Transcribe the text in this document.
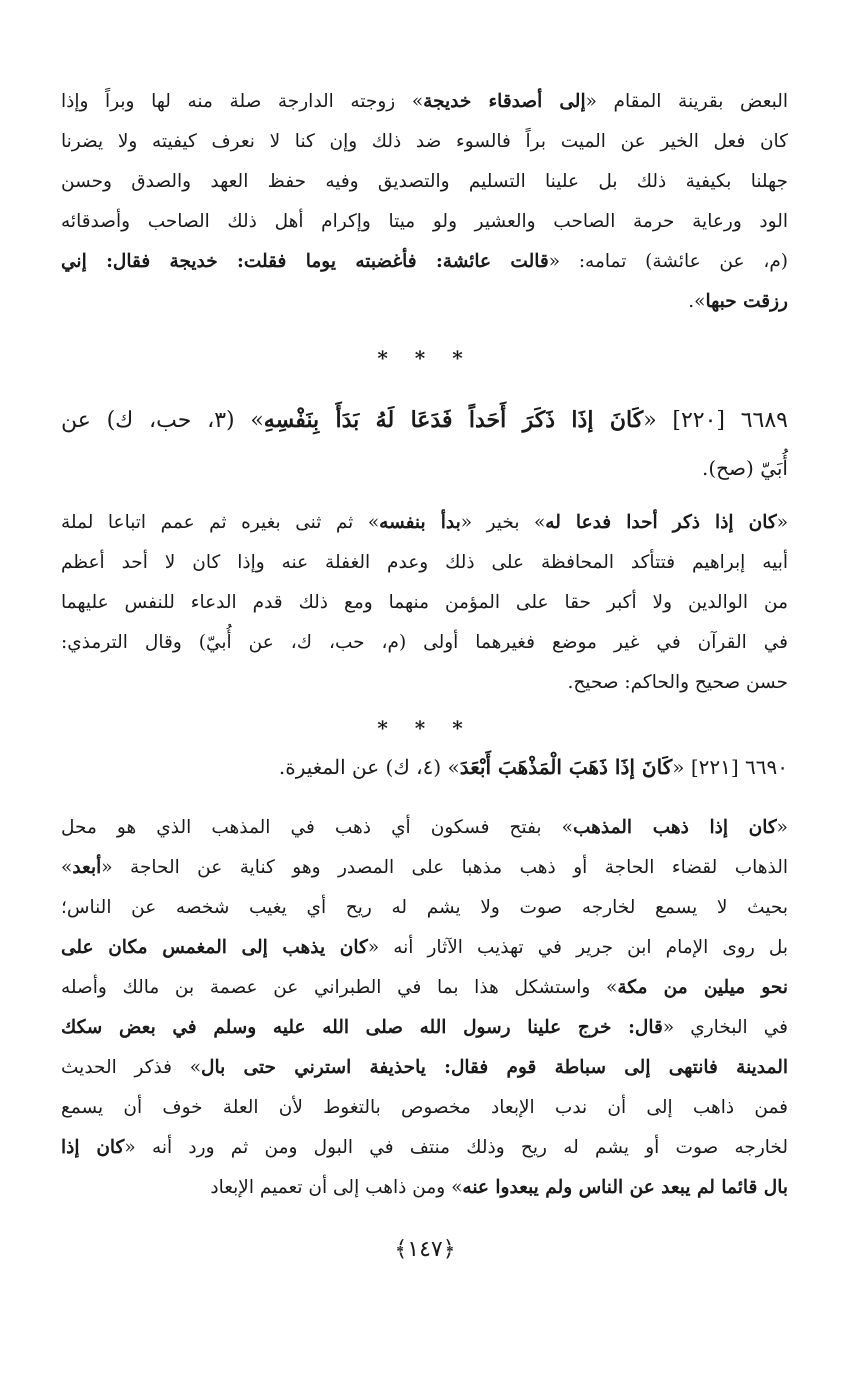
البعض بقرينة المقام «إلى أصدقاء خديجة» زوجته الدارجة صلة منه لها وبراً وإذا
كان فعل الخير عن الميت براً فالسوء ضد ذلك وإن كنا لا نعرف كيفيته ولا يضرنا
جهلنا بكيفية ذلك بل علينا التسليم والتصديق وفيه حفظ العهد والصدق وحسن
الود ورعاية حرمة الصاحب والعشير ولو ميتا وإكرام أهل ذلك الصاحب وأصدقائه
(م، عن عائشة) تمامه: «قالت عائشة: فأغضبته يوما فقلت: خديجة فقال: إني
رزقت حبها».
* * *
٦٦٨٩ [٢٢٠] «كَانَ إذَا ذَكَرَ أَحَداً فَدَعَا لَهُ بَدَأَ بِنَفْسِهِ» (٣، حب، ك) عن
أُبَيّ (صح).
«كان إذا ذكر أحدا فدعا له» بخير «بدأ بنفسه» ثم ثنى بغيره ثم عمم اتباعا لملة
أبيه إبراهيم فتتأكد المحافظة على ذلك وعدم الغفلة عنه وإذا كان لا أحد أعظم
من الوالدين ولا أكبر حقا على المؤمن منهما ومع ذلك قدم الدعاء للنفس عليهما
في القرآن في غير موضع فغيرهما أولى (م، حب، ك، عن أُبيّ) وقال الترمذي:
حسن صحيح والحاكم: صحيح.
* * *
٦٦٩٠ [٢٢١] «كَانَ إذَا ذَهَبَ الْمَذْهَبَ أَبْعَدَ» (٤، ك) عن المغيرة.
«كان إذا ذهب المذهب» بفتح فسكون أي ذهب في المذهب الذي هو محل
الذهاب لقضاء الحاجة أو ذهب مذهبا على المصدر وهو كناية عن الحاجة «أبعد»
بحيث لا يسمع لخارجه صوت ولا يشم له ريح أي يغيب شخصه عن الناس؛
بل روى الإمام ابن جرير في تهذيب الآثار أنه «كان يذهب إلى المغمس مكان على
نحو ميلين من مكة» واستشكل هذا بما في الطبراني عن عصمة بن مالك وأصله
في البخاري «قال: خرج علينا رسول الله صلى الله عليه وسلم في بعض سكك
المدينة فانتهى إلى سباطة قوم فقال: ياحذيفة استرني حتى بال» فذكر الحديث
فمن ذاهب إلى أن ندب الإبعاد مخصوص بالتغوط لأن العلة خوف أن يسمع
لخارجه صوت أو يشم له ريح وذلك منتف في البول ومن ثم ورد أنه «كان إذا
بال قائما لم يبعد عن الناس ولم يبعدوا عنه» ومن ذاهب إلى أن تعميم الإبعاد
﴿١٤٧﴾
